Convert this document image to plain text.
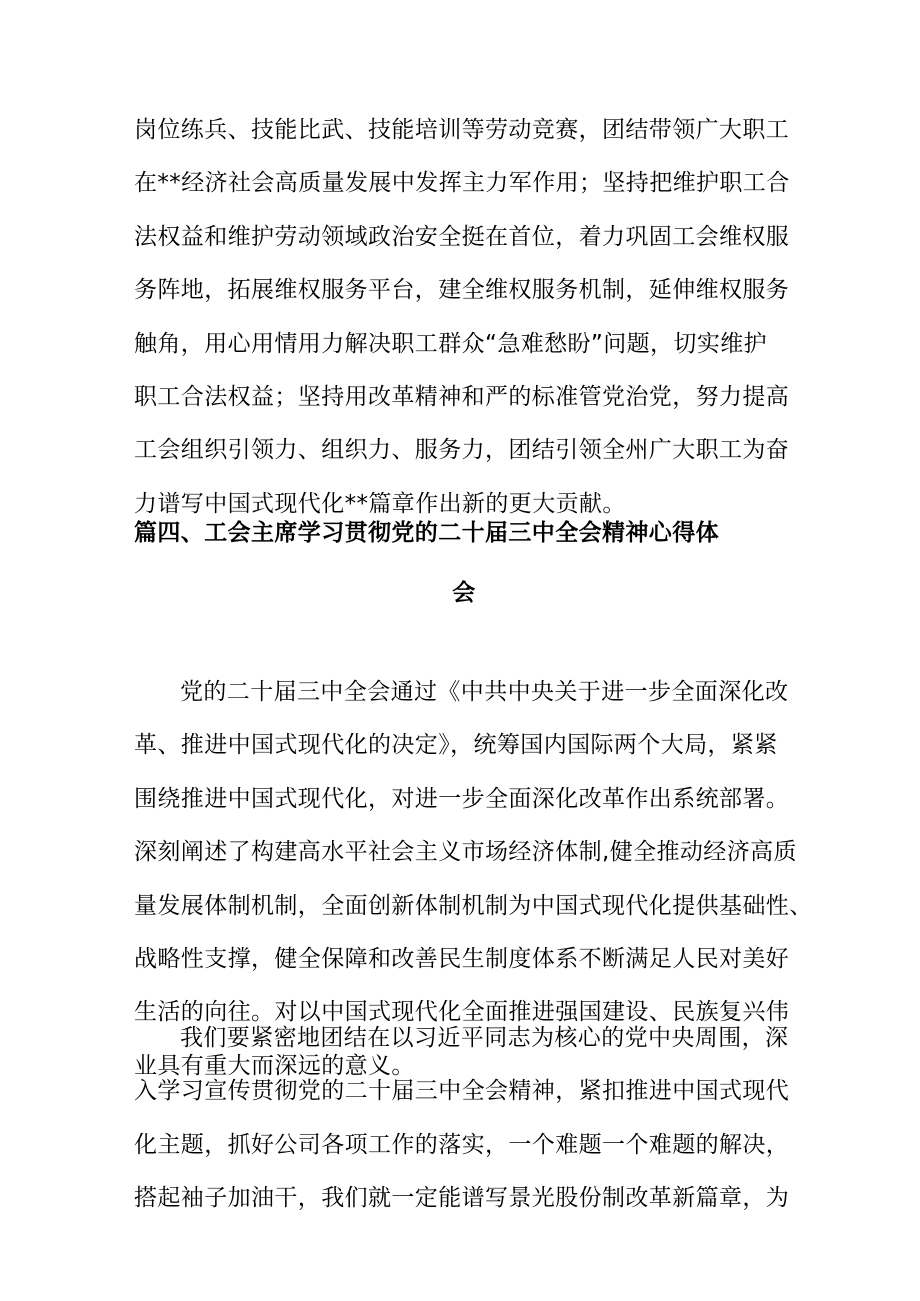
岗位练兵、技能比武、技能培训等劳动竞赛，团结带领广大职工
在**经济社会高质量发展中发挥主力军作用；坚持把维护职工合
法权益和维护劳动领域政治安全挺在首位，着力巩固工会维权服
务阵地，拓展维权服务平台，建全维权服务机制，延伸维权服务
触角，用心用情用力解决职工群众“急难愁盼”问题，切实维护
职工合法权益；坚持用改革精神和严的标准管党治党，努力提高
工会组织引领力、组织力、服务力，团结引领全州广大职工为奋
力谱写中国式现代化**篇章作出新的更大贡献。
篇四、工会主席学习贯彻党的二十届三中全会精神心得体
会
党的二十届三中全会通过《中共中央关于进一步全面深化改
革、推进中国式现代化的决定》，统筹国内国际两个大局，紧紧
围绕推进中国式现代化，对进一步全面深化改革作出系统部署。
深刻阐述了构建高水平社会主义市场经济体制,健全推动经济高质
量发展体制机制，全面创新体制机制为中国式现代化提供基础性、
战略性支撑，健全保障和改善民生制度体系不断满足人民对美好
生活的向往。对以中国式现代化全面推进强国建设、民族复兴伟
业具有重大而深远的意义。
我们要紧密地团结在以习近平同志为核心的党中央周围，深
入学习宣传贯彻党的二十届三中全会精神，紧扣推进中国式现代
化主题，抓好公司各项工作的落实，一个难题一个难题的解决，
搭起袖子加油干，我们就一定能谱写景光股份制改革新篇章，为
